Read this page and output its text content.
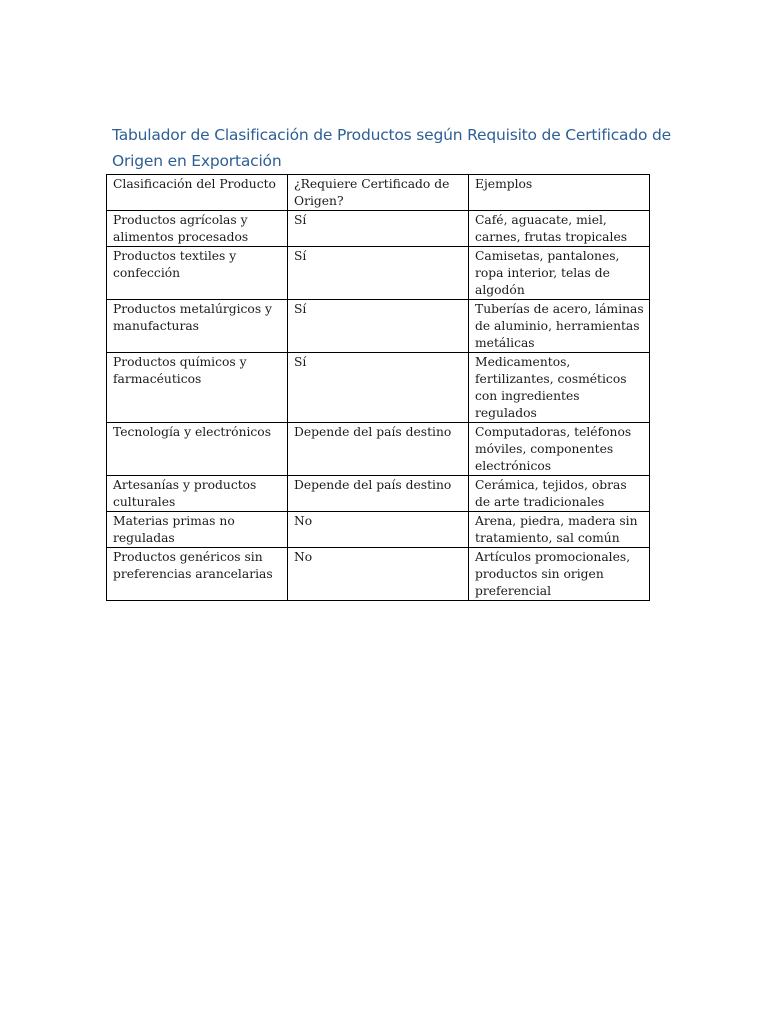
Tabulador de Clasificación de Productos según Requisito de Certificado de Origen en Exportación
Clasificación del Producto	¿Requiere Certificado de Origen?	Ejemplos
Productos agrícolas y alimentos procesados	Sí	Café, aguacate, miel, carnes, frutas tropicales
Productos textiles y confección	Sí	Camisetas, pantalones, ropa interior, telas de algodón
Productos metalúrgicos y manufacturas	Sí	Tuberías de acero, láminas de aluminio, herramientas metálicas
Productos químicos y farmacéuticos	Sí	Medicamentos, fertilizantes, cosméticos con ingredientes regulados
Tecnología y electrónicos	Depende del país destino	Computadoras, teléfonos móviles, componentes electrónicos
Artesanías y productos culturales	Depende del país destino	Cerámica, tejidos, obras de arte tradicionales
Materias primas no reguladas	No	Arena, piedra, madera sin tratamiento, sal común
Productos genéricos sin preferencias arancelarias	No	Artículos promocionales, productos sin origen preferencial
